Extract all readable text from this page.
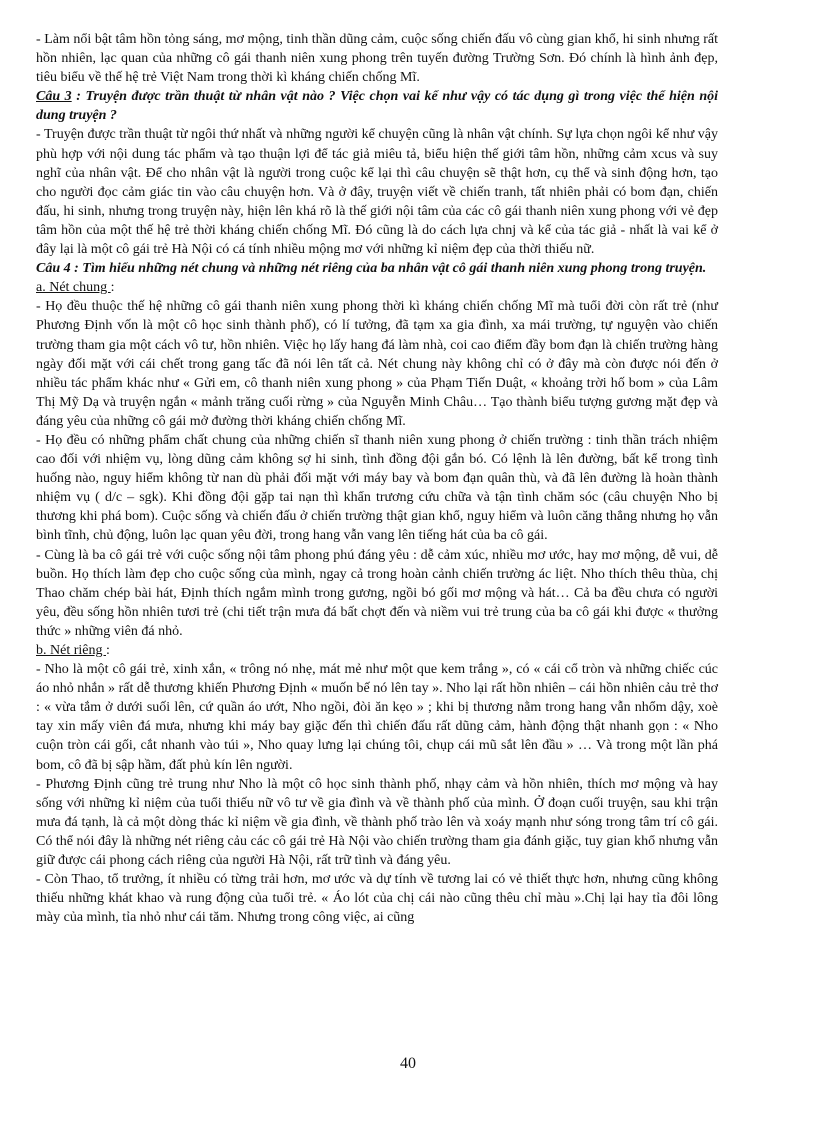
- Làm nổi bật tâm hồn tỏng sáng, mơ mộng, tinh thần dũng cảm, cuộc sống chiến đấu vô cùng gian khổ, hi sinh nhưng rất hồn nhiên, lạc quan của những cô gái thanh niên xung phong trên tuyến đường Trường Sơn. Đó chính là hình ảnh đẹp, tiêu biểu về thế hệ trẻ Việt Nam trong thời kì kháng chiến chống Mĩ.

Câu 3 : Truyện được trần thuật từ nhân vật nào ? Việc chọn vai kể như vậy có tác dụng gì trong việc thể hiện nội dung truyện ?

- Truyện được trần thuật từ ngôi thứ nhất và những người kể chuyện cũng là nhân vật chính. Sự lựa chọn ngôi kể như vậy phù hợp với nội dung tác phẩm và tạo thuận lợi để tác giả miêu tả, biểu hiện thế giới tâm hồn, những cảm xcus và suy nghĩ của nhân vật. Để cho nhân vật là người trong cuộc kể lại thì câu chuyện sẽ thật hơn, cụ thể và sinh động hơn, tạo cho người đọc cảm giác tin vào câu chuyện hơn. Và ở đây, truyện viết về chiến tranh, tất nhiên phải có bom đạn, chiến đấu, hi sinh, nhưng trong truyện này, hiện lên khá rõ là thế giới nội tâm của các cô gái thanh niên xung phong với vẻ đẹp tâm hồn của một thế hệ trẻ thời kháng chiến chống Mĩ. Đó cũng là do cách lựa chnj và kể của tác giả - nhất là vai kể ở đây lại là một cô gái trẻ Hà Nội có cá tính nhiều mộng mơ với những kỉ niệm đẹp của thời thiếu nữ.

Câu 4 : Tìm hiểu những nét chung và những nét riêng của ba nhân vật cô gái thanh niên xung phong trong truyện.

a. Nét chung :

- Họ đều thuộc thế hệ những cô gái thanh niên xung phong thời kì kháng chiến chống Mĩ mà tuổi đời còn rất trẻ (như Phương Định vốn là một cô học sinh thành phố), có lí tưởng, đã tạm xa gia đình, xa mái trường, tự nguyện vào chiến trường tham gia một cách vô tư, hồn nhiên. Việc họ lấy hang đá làm nhà, coi cao điểm đầy bom đạn là chiến trường hàng ngày đối mặt với cái chết trong gang tấc đã nói lên tất cả. Nét chung này không chỉ có ở đây mà còn được nói đến ở nhiều tác phẩm khác như « Gửi em, cô thanh niên xung phong » của Phạm Tiến Duật, « khoảng trời hố bom » của Lâm Thị Mỹ Dạ và truyện ngắn « mảnh trăng cuối rừng » của Nguyễn Minh Châu… Tạo thành biểu tượng gương mặt đẹp và đáng yêu của những cô gái mở đường thời kháng chiến chống Mĩ.

- Họ đều có những phẩm chất chung của những chiến sĩ thanh niên xung phong ở chiến trường : tinh thần trách nhiệm cao đối với nhiệm vụ, lòng dũng cảm không sợ hi sinh, tình đồng đội gắn bó. Có lệnh là lên đường, bất kể trong tình huống nào, nguy hiểm không từ nan dù phải đối mặt với máy bay và bom đạn quân thù, và đã lên đường là hoàn thành nhiệm vụ ( d/c – sgk). Khi đồng đội gặp tai nạn thì khẩn trương cứu chữa và tận tình chăm sóc (câu chuyện Nho bị thương khi phá bom). Cuộc sống và chiến đấu ở chiến trường thật gian khổ, nguy hiểm và luôn căng thẳng nhưng họ vẫn bình tĩnh, chủ động, luôn lạc quan yêu đời, trong hang vẫn vang lên tiếng hát của ba cô gái.

- Cùng là ba cô gái trẻ với cuộc sống nội tâm phong phú đáng yêu : dễ cảm xúc, nhiều mơ ước, hay mơ mộng, dễ vui, dễ buồn. Họ thích làm đẹp cho cuộc sống của mình, ngay cả trong hoàn cảnh chiến trường ác liệt. Nho thích thêu thùa, chị Thao chăm chép bài hát, Định thích ngắm mình trong gương, ngồi bó gối mơ mộng và hát… Cả ba đều chưa có người yêu, đều sống hồn nhiên tươi trẻ (chi tiết trận mưa đá bất chợt đến và niềm vui trẻ trung của ba cô gái khi được « thưởng thức » những viên đá nhỏ.

b. Nét riêng :

- Nho là một cô gái trẻ, xinh xắn, « trông nó nhẹ, mát mẻ như một que kem trắng », có « cái cổ tròn và những chiếc cúc áo nhỏ nhắn » rất dễ thương khiến Phương Định « muốn bế nó lên tay ». Nho lại rất hồn nhiên – cái hồn nhiên cảu trẻ thơ : « vừa tắm ở dưới suối lên, cứ quần áo ướt, Nho ngồi, đòi ăn kẹo » ; khi bị thương nằm trong hang vẫn nhổm dậy, xoè tay xin mấy viên đá mưa, nhưng khi máy bay giặc đến thì chiến đấu rất dũng cảm, hành động thật nhanh gọn : « Nho cuộn tròn cái gối, cắt nhanh vào túi », Nho quay lưng lại chúng tôi, chụp cái mũ sắt lên đầu » … Và trong một lần phá bom, cô đã bị sập hầm, đất phủ kín lên người.

- Phương Định cũng trẻ trung như Nho là một cô học sinh thành phố, nhạy cảm và hồn nhiên, thích mơ mộng và hay sống với những kỉ niệm của tuổi thiếu nữ vô tư về gia đình và về thành phố của mình. Ở đoạn cuối truyện, sau khi trận mưa đá tạnh, là cả một dòng thác kỉ niệm về gia đình, về thành phố trào lên và xoáy mạnh như sóng trong tâm trí cô gái. Có thể nói đây là những nét riêng cảu các cô gái trẻ Hà Nội vào chiến trường tham gia đánh giặc, tuy gian khổ nhưng vẫn giữ được cái phong cách riêng của người Hà Nội, rất trữ tình và đáng yêu.

- Còn Thao, tổ trưởng, ít nhiều có từng trải hơn, mơ ước và dự tính về tương lai có vẻ thiết thực hơn, nhưng cũng không thiếu những khát khao và rung động của tuổi trẻ. « Áo lót của chị cái nào cũng thêu chỉ màu ».Chị lại hay tỉa đôi lông mày của mình, tỉa nhỏ như cái tăm. Nhưng trong công việc, ai cũng

40
